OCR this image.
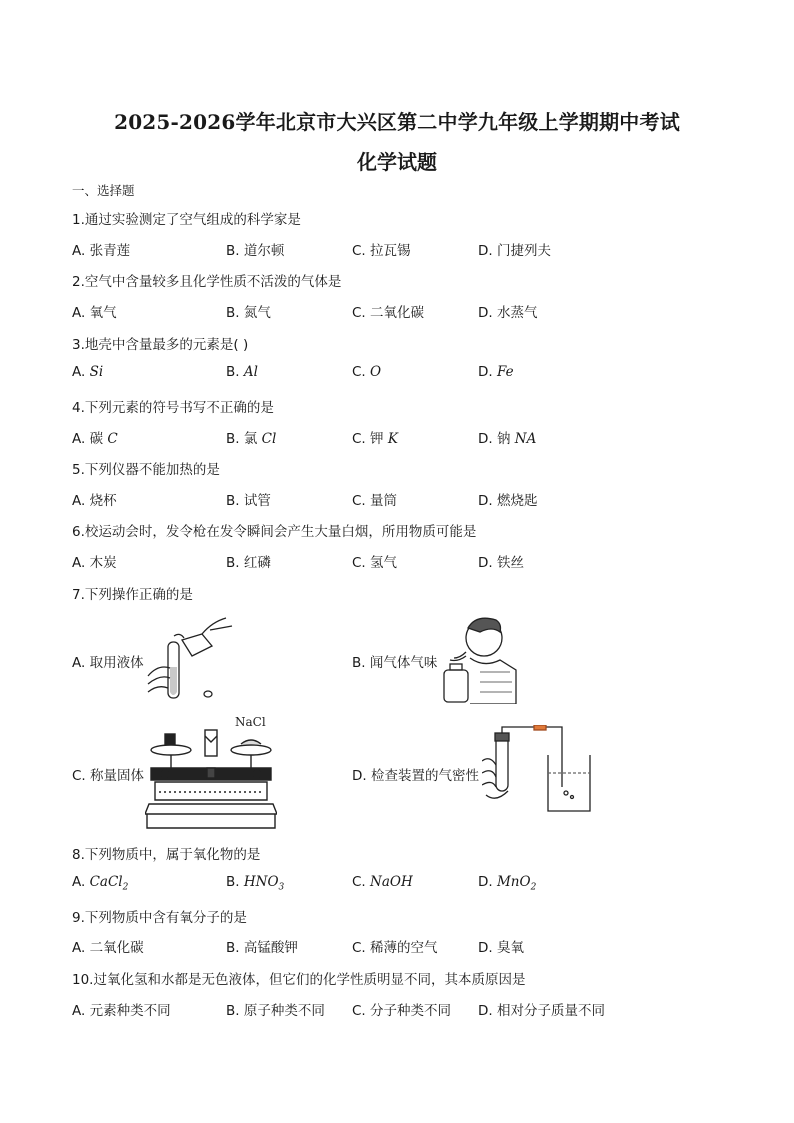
2025-2026学年北京市大兴区第二中学九年级上学期期中考试
化学试题
一、选择题
1.通过实验测定了空气组成的科学家是
A. 张青莲	B. 道尔顿	C. 拉瓦锡	D. 门捷列夫
2.空气中含量较多且化学性质不活泼的气体是
A. 氧气	B. 氮气	C. 二氧化碳	D. 水蒸气
3.地壳中含量最多的元素是( )
A. Si	B. Al	C. O	D. Fe
4.下列元素的符号书写不正确的是
A. 碳 C	B. 氯 Cl	C. 钾 K	D. 钠 NA
5.下列仪器不能加热的是
A. 烧杯	B. 试管	C. 量筒	D. 燃烧匙
6.校运动会时，发令枪在发令瞬间会产生大量白烟，所用物质可能是
A. 木炭	B. 红磷	C. 氢气	D. 铁丝
7.下列操作正确的是
A. 取用液体	B. 闻气体气味
C. 称量固体	D. 检查装置的气密性
8.下列物质中，属于氧化物的是
A. CaCl$_2$	B. $HNO_3$	C. NaOH	D. MnO$_2$
9.下列物质中含有氧分子的是
A. 二氧化碳	B. 高锰酸钾	C. 稀薄的空气	D. 臭氧
10.过氧化氢和水都是无色液体，但它们的化学性质明显不同，其本质原因是
A. 元素种类不同	B. 原子种类不同 C. 分子种类不同 D. 相对分子质量不同
NaCl
